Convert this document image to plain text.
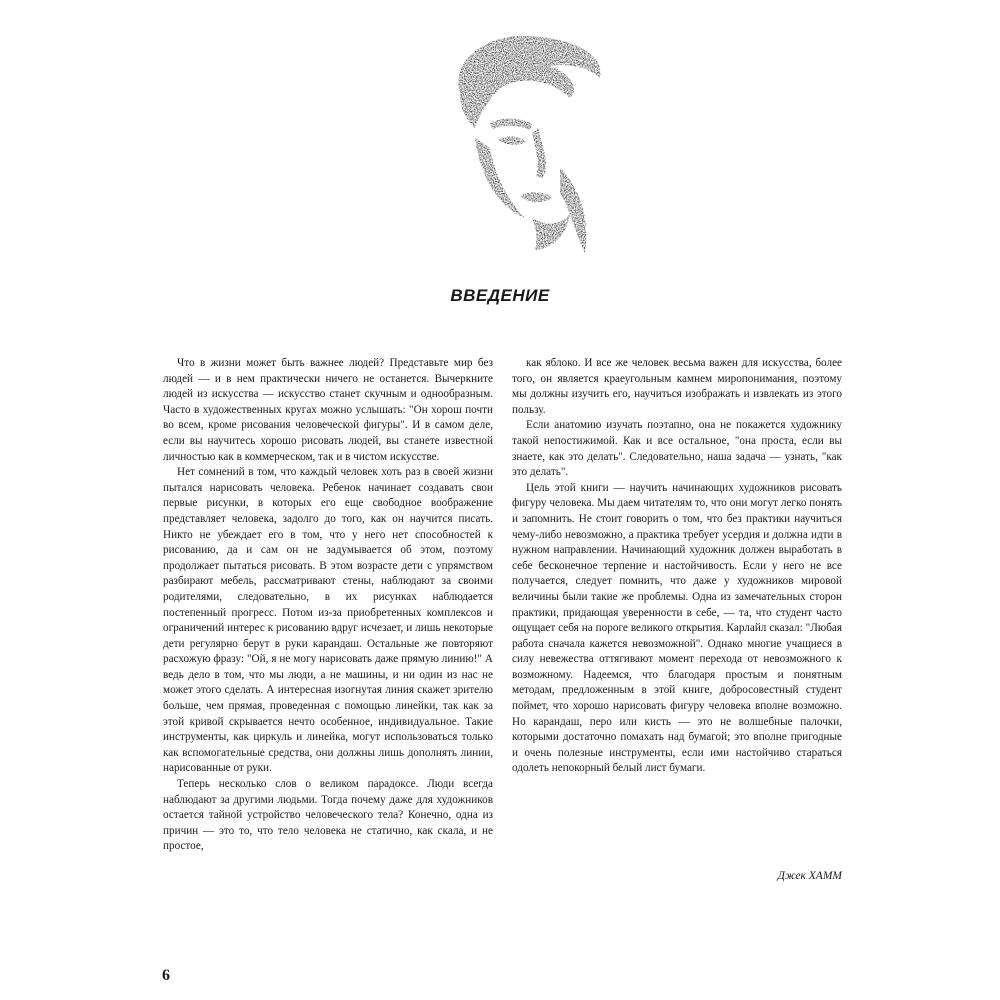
ВВЕДЕНИЕ

Что в жизни может быть важнее людей? Представьте мир без людей — и в нем практически ничего не останется. Вычеркните людей из искусства — искусство станет скучным и однообразным. Часто в художественных кругах можно услышать: "Он хорош почти во всем, кроме рисования человеческой фигуры". И в самом деле, если вы научитесь хорошо рисовать людей, вы станете известной личностью как в коммерческом, так и в чистом искусстве.

Нет сомнений в том, что каждый человек хоть раз в своей жизни пытался нарисовать человека. Ребенок начинает создавать свои первые рисунки, в которых его еще свободное воображение представляет человека, задолго до того, как он научится писать. Никто не убеждает его в том, что у него нет способностей к рисованию, да и сам он не задумывается об этом, поэтому продолжает пытаться рисовать. В этом возрасте дети с упрямством разбирают мебель, рассматривают стены, наблюдают за своими родителями, следовательно, в их рисунках наблюдается постепенный прогресс. Потом из-за приобретенных комплексов и ограничений интерес к рисованию вдруг исчезает, и лишь некоторые дети регулярно берут в руки карандаш. Остальные же повторяют расхожую фразу: "Ой, я не могу нарисовать даже прямую линию!" А ведь дело в том, что мы люди, а не машины, и ни один из нас не может этого сделать. А интересная изогнутая линия скажет зрителю больше, чем прямая, проведенная с помощью линейки, так как за этой кривой скрывается нечто особенное, индивидуальное. Такие инструменты, как циркуль и линейка, могут использоваться только как вспомогательные средства, они должны лишь дополнять линии, нарисованные от руки.

Теперь несколько слов о великом парадоксе. Люди всегда наблюдают за другими людьми. Тогда почему даже для художников остается тайной устройство человеческого тела? Конечно, одна из причин — это то, что тело человека не статично, как скала, и не простое,

как яблоко. И все же человек весьма важен для искусства, более того, он является краеугольным камнем миропонимания, поэтому мы должны изучить его, научиться изображать и извлекать из этого пользу.

Если анатомию изучать поэтапно, она не покажется художнику такой непостижимой. Как и все остальное, "она проста, если вы знаете, как это делать". Следовательно, наша задача — узнать, "как это делать".

Цель этой книги — научить начинающих художников рисовать фигуру человека. Мы даем читателям то, что они могут легко понять и запомнить. Не стоит говорить о том, что без практики научиться чему-либо невозможно, а практика требует усердия и должна идти в нужном направлении. Начинающий художник должен выработать в себе бесконечное терпение и настойчивость. Если у него не все получается, следует помнить, что даже у художников мировой величины были такие же проблемы. Одна из замечательных сторон практики, придающая уверенности в себе, — та, что студент часто ощущает себя на пороге великого открытия. Карлайл сказал: "Любая работа сначала кажется невозможной". Однако многие учащиеся в силу невежества оттягивают момент перехода от невозможного к возможному. Надеемся, что благодаря простым и понятным методам, предложенным в этой книге, добросовестный студент поймет, что хорошо нарисовать фигуру человека вполне возможно. Но карандаш, перо или кисть — это не волшебные палочки, которыми достаточно помахать над бумагой; это вполне пригодные и очень полезные инструменты, если ими настойчиво стараться одолеть непокорный белый лист бумаги.

Джек ХАММ
6
